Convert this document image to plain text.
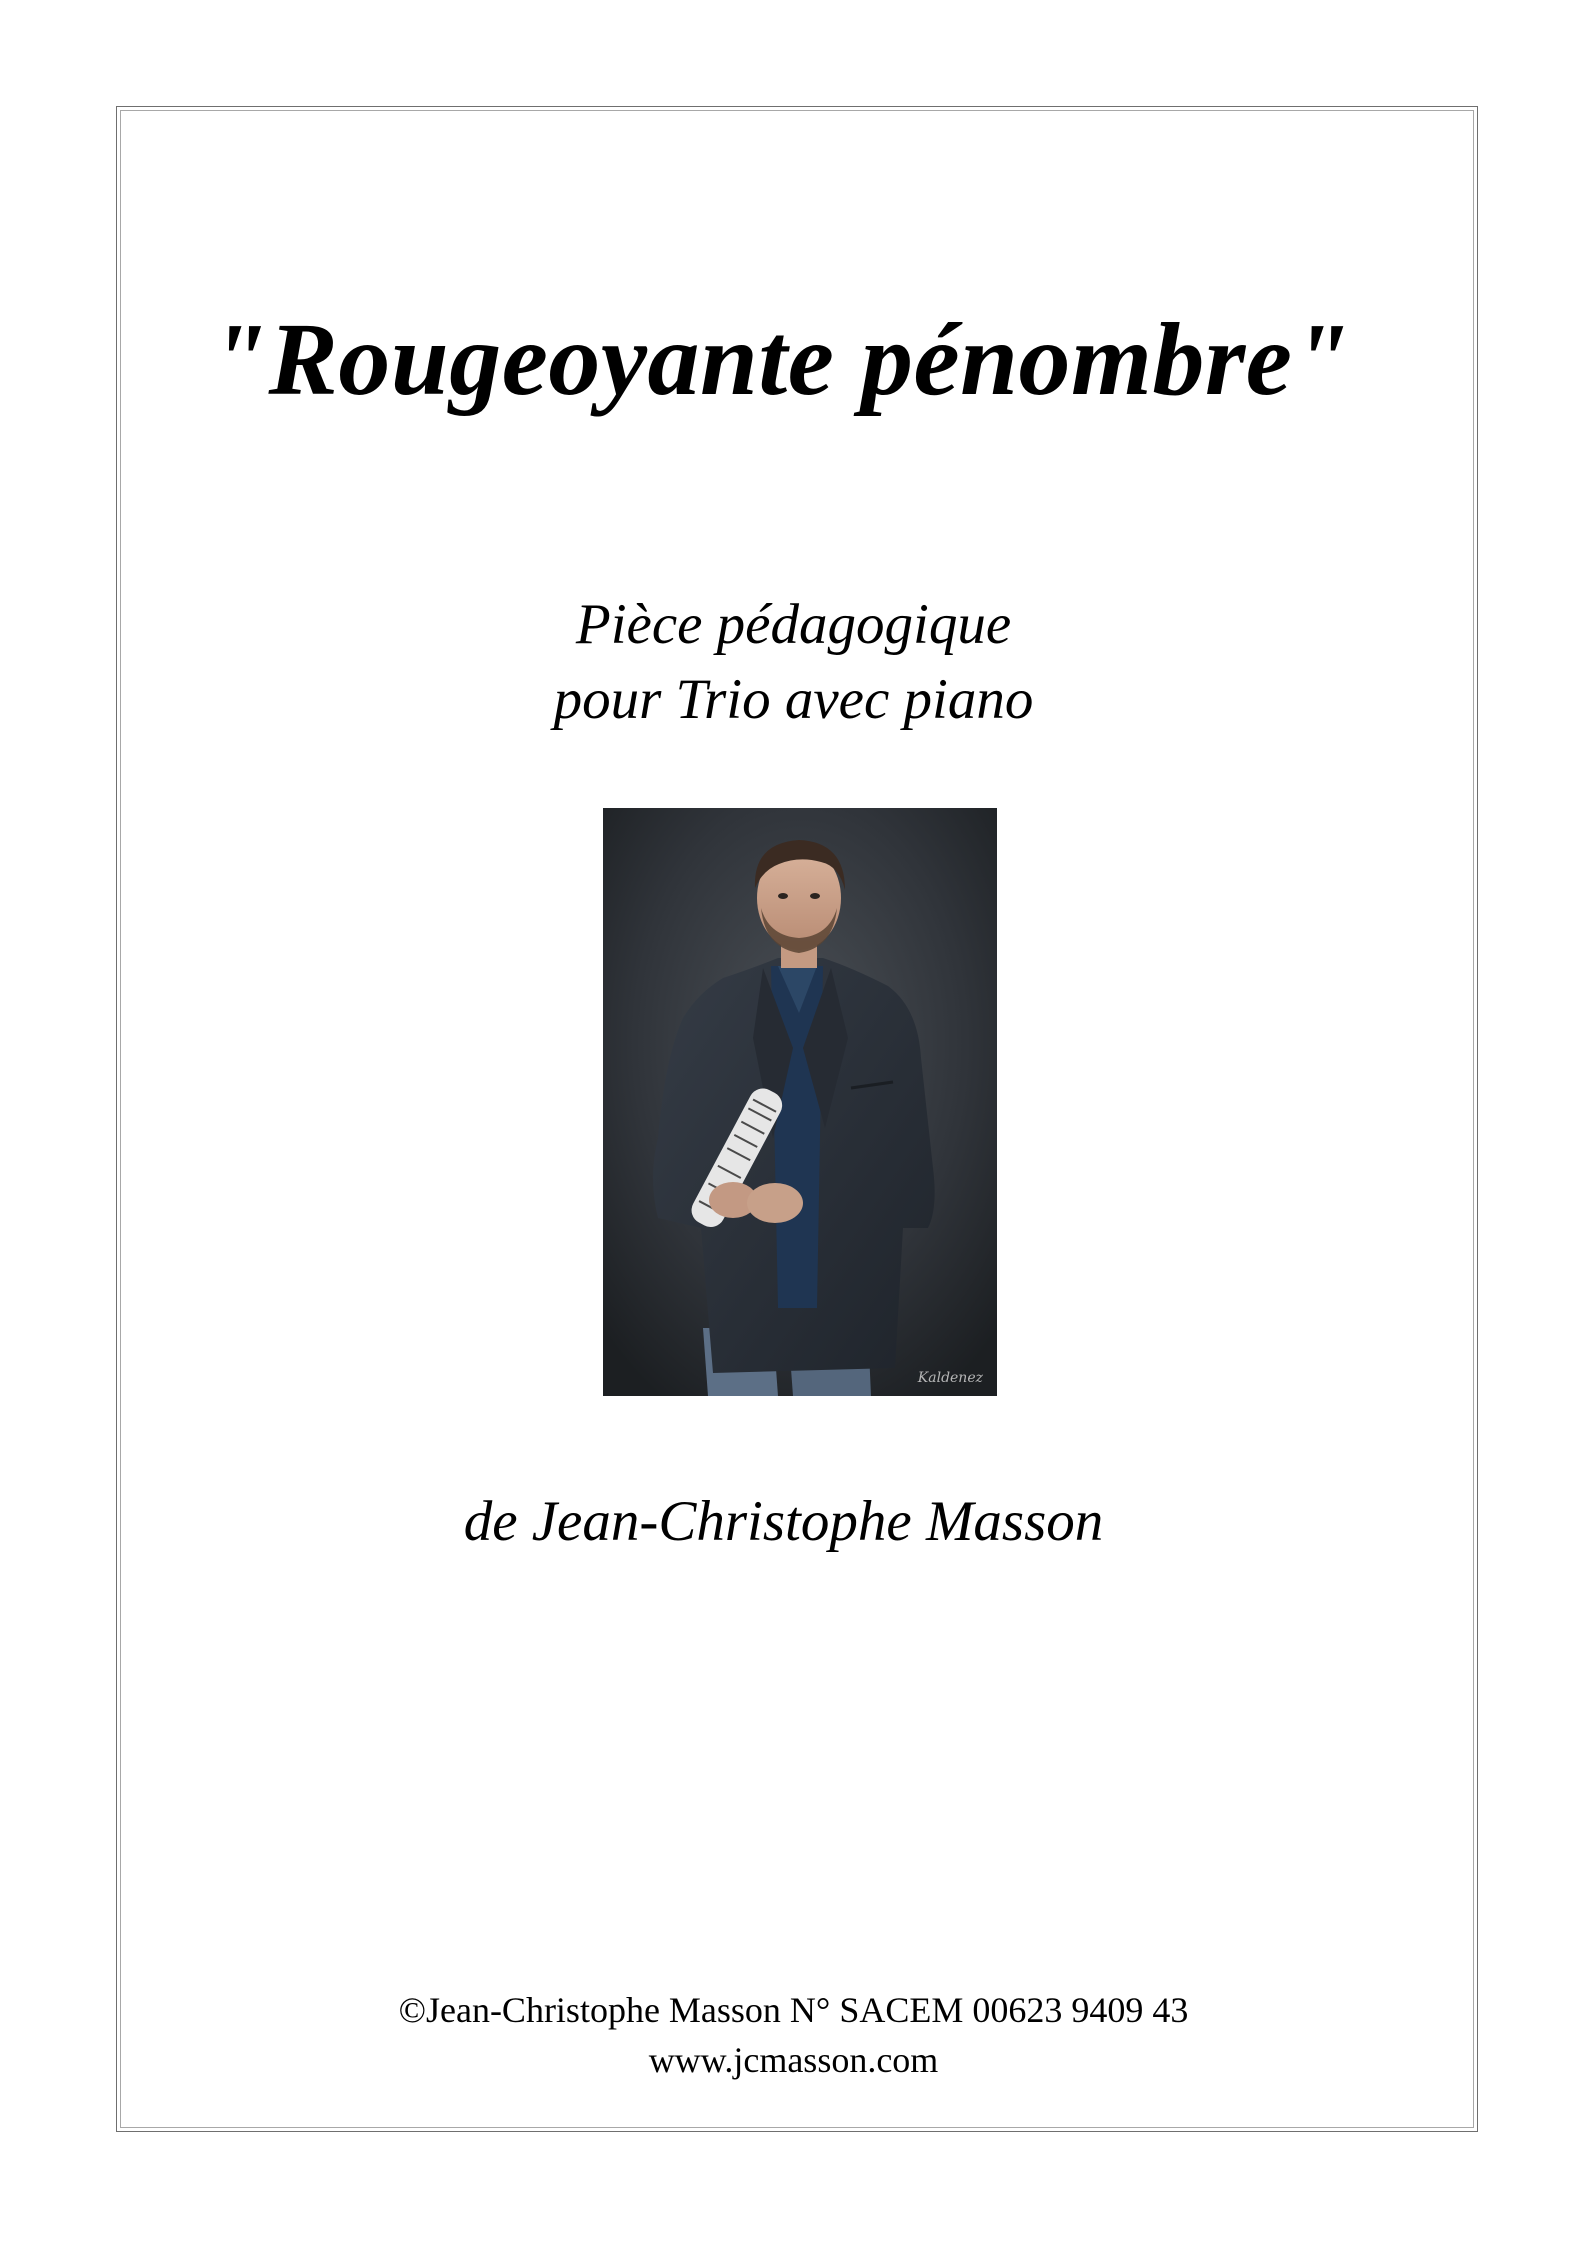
"Rougeoyante pénombre"
Pièce pédagogique
pour Trio avec piano
Kaldenez
de Jean-Christophe Masson
©Jean-Christophe Masson N° SACEM 00623 9409 43
www.jcmasson.com
